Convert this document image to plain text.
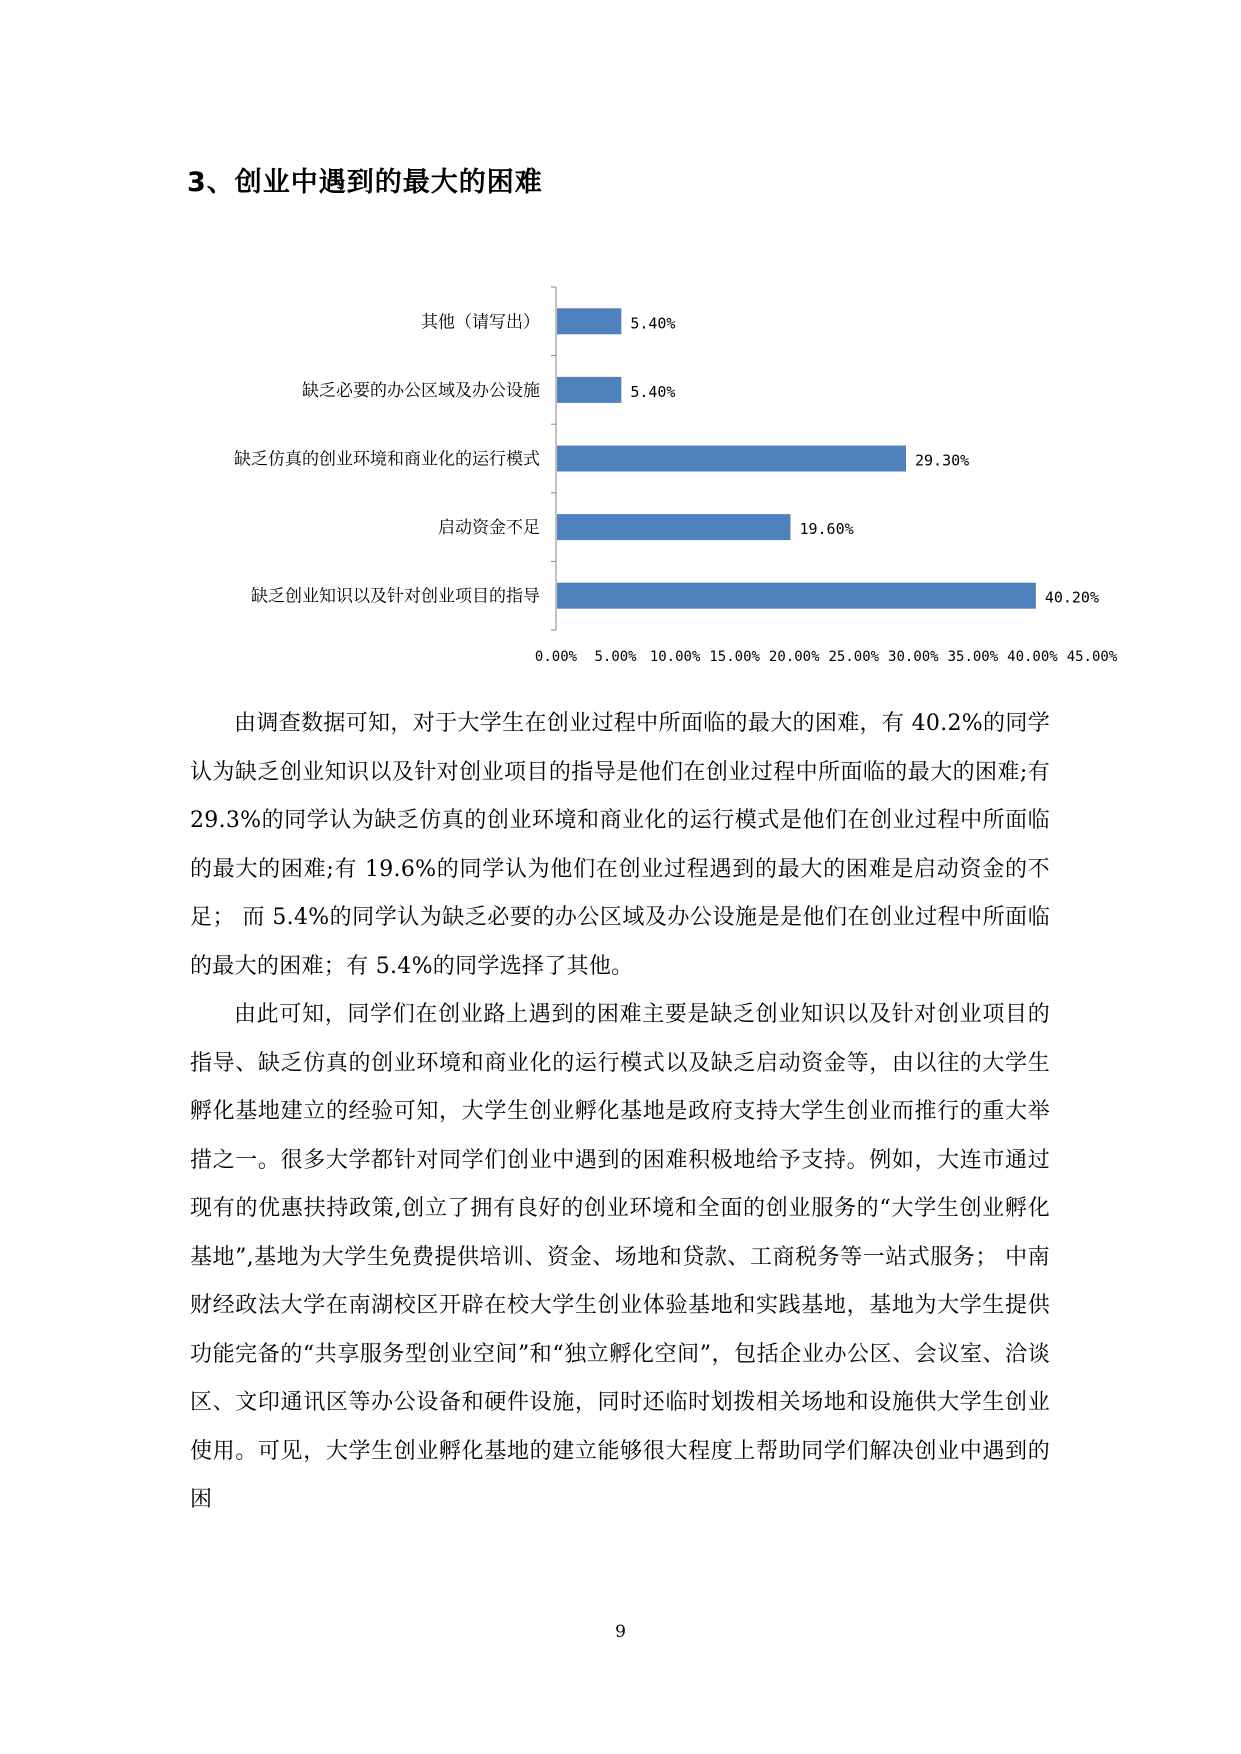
3、创业中遇到的最大的困难
其他（请写出）	5.40%
缺乏必要的办公区域及办公设施	5.40%
缺乏仿真的创业环境和商业化的运行模式	29.30%
启动资金不足	19.60%
缺乏创业知识以及针对创业项目的指导	40.20%
0.00% 5.00% 10.00% 15.00% 20.00% 25.00% 30.00% 35.00% 40.00% 45.00%

由调查数据可知，对于大学生在创业过程中所面临的最大的困难，有 40.2%的同学认为缺乏创业知识以及针对创业项目的指导是他们在创业过程中所面临的最大的困难;有 29.3%的同学认为缺乏仿真的创业环境和商业化的运行模式是他们在创业过程中所面临的最大的困难;有 19.6%的同学认为他们在创业过程遇到的最大的困难是启动资金的不足； 而 5.4%的同学认为缺乏必要的办公区域及办公设施是是他们在创业过程中所面临的最大的困难；有 5.4%的同学选择了其他。

由此可知，同学们在创业路上遇到的困难主要是缺乏创业知识以及针对创业项目的指导、缺乏仿真的创业环境和商业化的运行模式以及缺乏启动资金等，由以往的大学生孵化基地建立的经验可知，大学生创业孵化基地是政府支持大学生创业而推行的重大举措之一。很多大学都针对同学们创业中遇到的困难积极地给予支持。例如，大连市通过现有的优惠扶持政策,创立了拥有良好的创业环境和全面的创业服务的“大学生创业孵化基地”,基地为大学生免费提供培训、资金、场地和贷款、工商税务等一站式服务； 中南财经政法大学在南湖校区开辟在校大学生创业体验基地和实践基地，基地为大学生提供功能完备的“共享服务型创业空间”和“独立孵化空间”，包括企业办公区、会议室、洽谈区、文印通讯区等办公设备和硬件设施，同时还临时划拨相关场地和设施供大学生创业使用。可见，大学生创业孵化基地的建立能够很大程度上帮助同学们解决创业中遇到的困

9
